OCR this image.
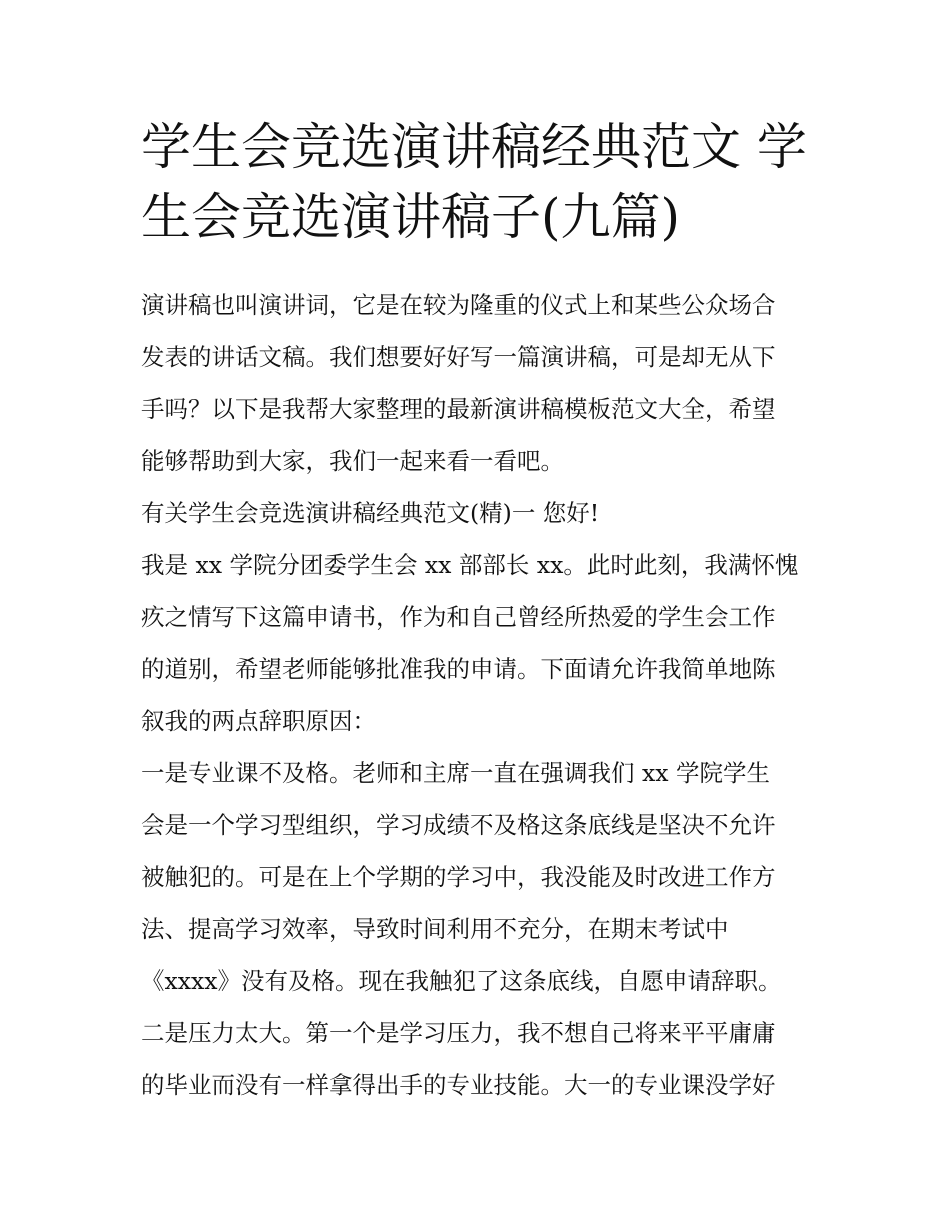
学生会竞选演讲稿经典范文 学
生会竞选演讲稿子(九篇)
演讲稿也叫演讲词，它是在较为隆重的仪式上和某些公众场合
发表的讲话文稿。我们想要好好写一篇演讲稿，可是却无从下
手吗？以下是我帮大家整理的最新演讲稿模板范文大全，希望
能够帮助到大家，我们一起来看一看吧。
有关学生会竞选演讲稿经典范文(精)一 您好!
我是 xx 学院分团委学生会 xx 部部长 xx。此时此刻，我满怀愧
疚之情写下这篇申请书，作为和自己曾经所热爱的学生会工作
的道别，希望老师能够批准我的申请。下面请允许我简单地陈
叙我的两点辞职原因：
一是专业课不及格。老师和主席一直在强调我们 xx 学院学生
会是一个学习型组织，学习成绩不及格这条底线是坚决不允许
被触犯的。可是在上个学期的学习中，我没能及时改进工作方
法、提高学习效率，导致时间利用不充分，在期末考试中
《xxxx》没有及格。现在我触犯了这条底线，自愿申请辞职。
二是压力太大。第一个是学习压力，我不想自己将来平平庸庸
的毕业而没有一样拿得出手的专业技能。大一的专业课没学好
